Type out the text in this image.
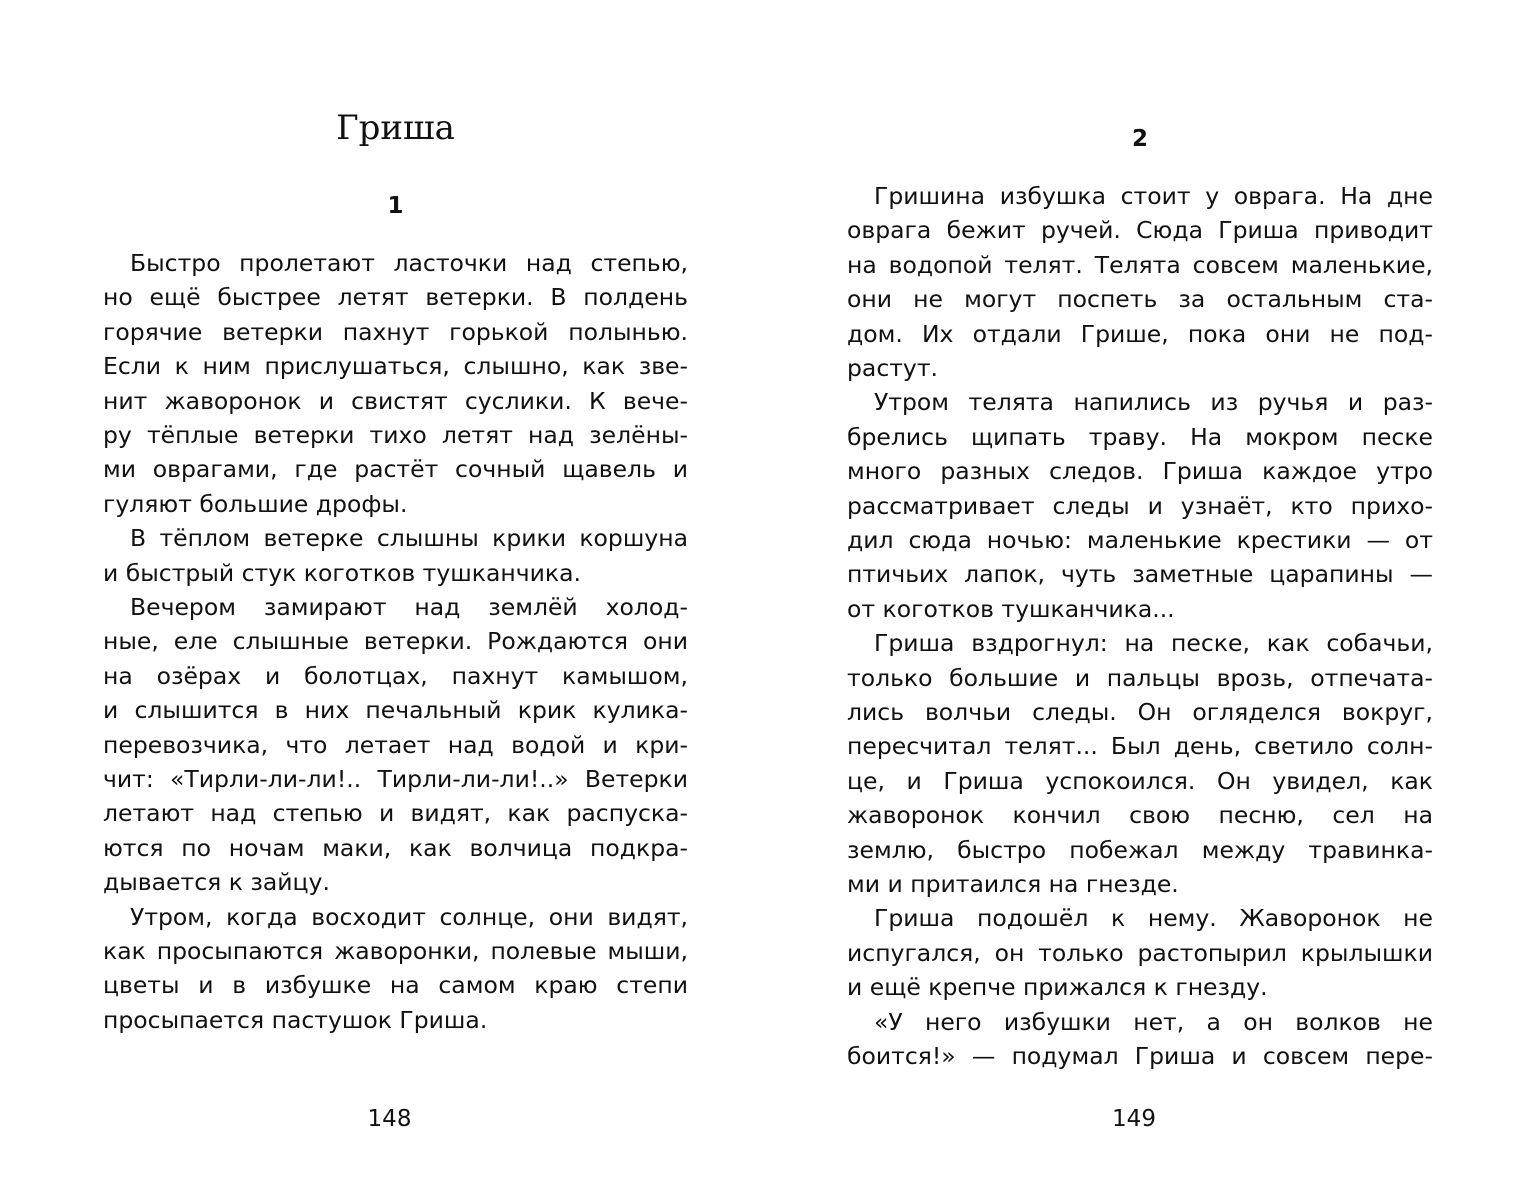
Гриша
1
Быстро пролетают ласточки над степью,
но ещё быстрее летят ветерки. В полдень
горячие ветерки пахнут горькой полынью.
Если к ним прислушаться, слышно, как зве-
нит жаворонок и свистят суслики. К вече-
ру тёплые ветерки тихо летят над зелёны-
ми оврагами, где растёт сочный щавель и
гуляют большие дрофы.
В тёплом ветерке слышны крики коршуна
и быстрый стук коготков тушканчика.
Вечером замирают над землёй холод-
ные, еле слышные ветерки. Рождаются они
на озёрах и болотцах, пахнут камышом,
и слышится в них печальный крик кулика-
перевозчика, что летает над водой и кри-
чит: «Тирли-ли-ли!.. Тирли-ли-ли!..» Ветерки
летают над степью и видят, как распуска-
ются по ночам маки, как волчица подкра-
дывается к зайцу.
Утром, когда восходит солнце, они видят,
как просыпаются жаворонки, полевые мыши,
цветы и в избушке на самом краю степи
просыпается пастушок Гриша.
148
2
Гришина избушка стоит у оврага. На дне
оврага бежит ручей. Сюда Гриша приводит
на водопой телят. Телята совсем маленькие,
они не могут поспеть за остальным ста-
дом. Их отдали Грише, пока они не под-
растут.
Утром телята напились из ручья и раз-
брелись щипать траву. На мокром песке
много разных следов. Гриша каждое утро
рассматривает следы и узнаёт, кто прихо-
дил сюда ночью: маленькие крестики — от
птичьих лапок, чуть заметные царапины —
от коготков тушканчика...
Гриша вздрогнул: на песке, как собачьи,
только большие и пальцы врозь, отпечата-
лись волчьи следы. Он огляделся вокруг,
пересчитал телят... Был день, светило солн-
це, и Гриша успокоился. Он увидел, как
жаворонок кончил свою песню, сел на
землю, быстро побежал между травинка-
ми и притаился на гнезде.
Гриша подошёл к нему. Жаворонок не
испугался, он только растопырил крылышки
и ещё крепче прижался к гнезду.
«У него избушки нет, а он волков не
боится!» — подумал Гриша и совсем пере-
149
